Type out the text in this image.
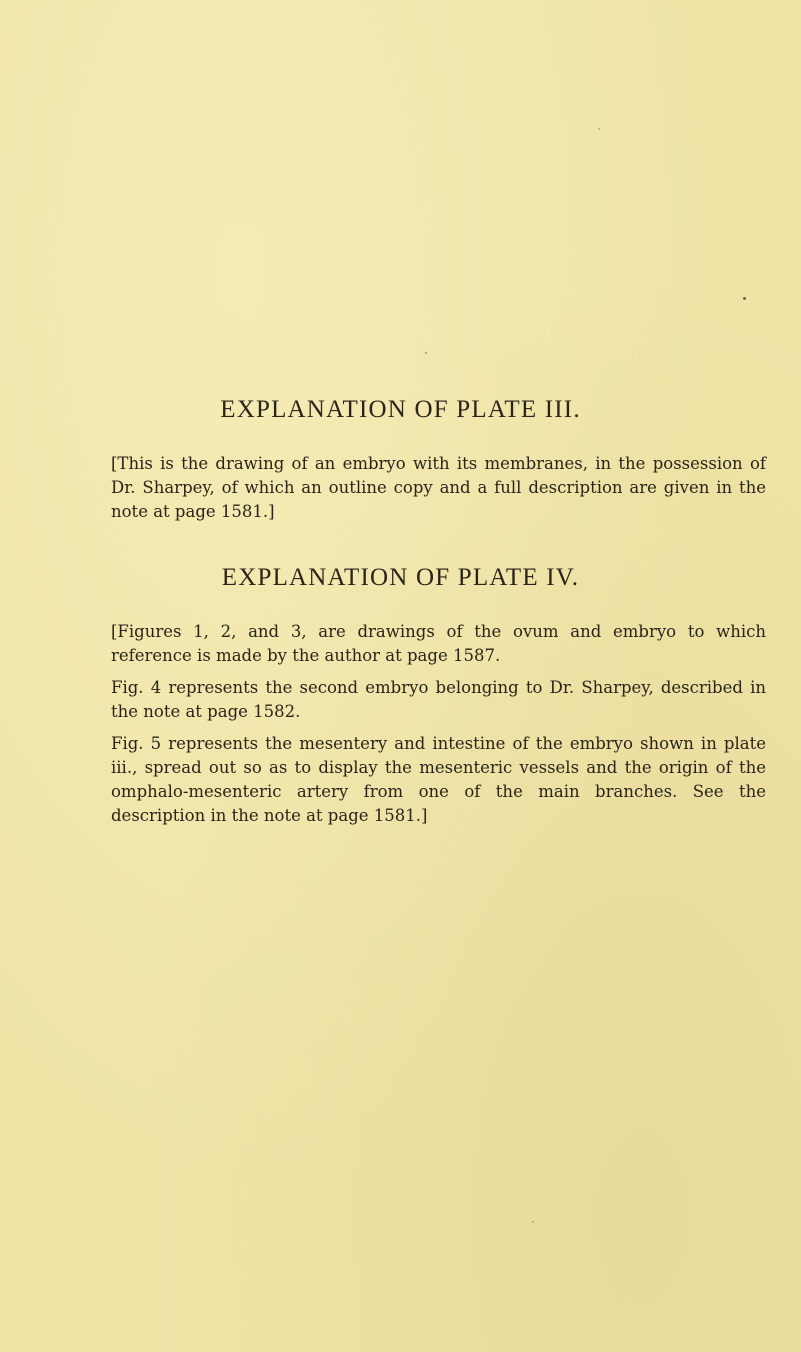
EXPLANATION OF PLATE III.

[This is the drawing of an embryo with its membranes, in the possession of Dr. Sharpey, of which an outline copy and a full description are given in the note at page 1581.]

EXPLANATION OF PLATE IV.

[Figures 1, 2, and 3, are drawings of the ovum and embryo to which reference is made by the author at page 1587.

Fig. 4 represents the second embryo belonging to Dr. Sharpey, described in the note at page 1582.

Fig. 5 represents the mesentery and intestine of the embryo shown in plate iii., spread out so as to display the mesenteric vessels and the origin of the omphalo-mesenteric artery from one of the main branches. See the description in the note at page 1581.]
